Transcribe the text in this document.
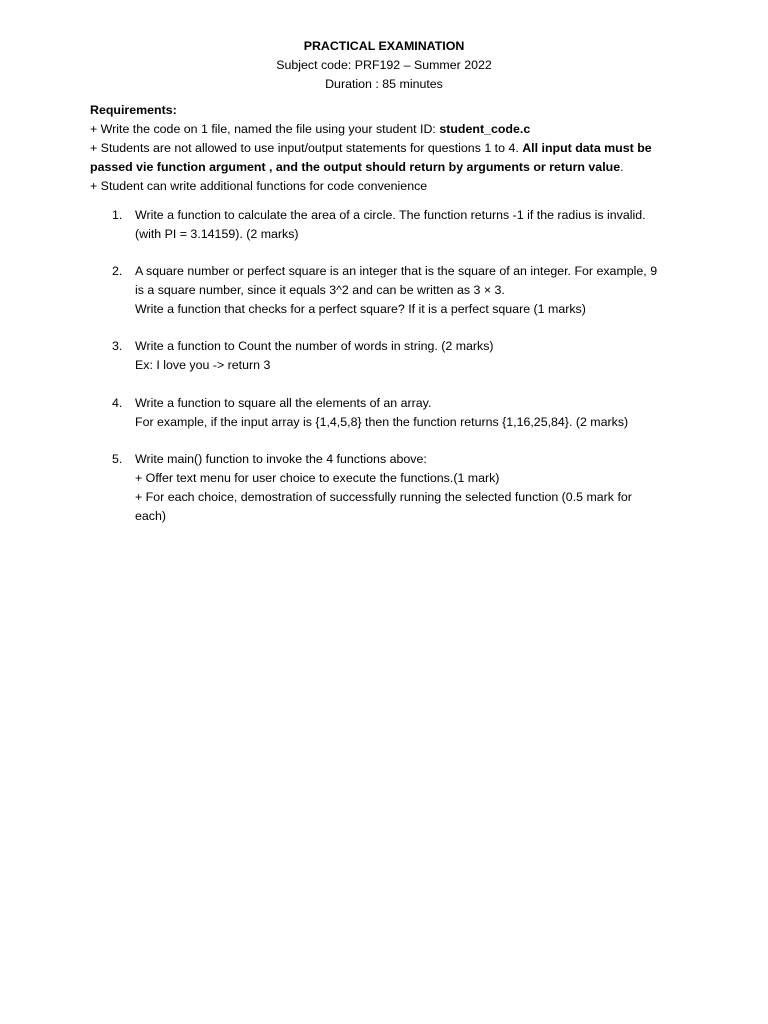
PRACTICAL EXAMINATION
Subject code: PRF192 – Summer 2022
Duration : 85 minutes
Requirements:
+ Write the code on 1 file, named the file using your student ID: student_code.c
+ Students are not allowed to use input/output statements for questions 1 to 4. All input data must be
passed vie function argument , and the output should return by arguments or return value.
+ Student can write additional functions for code convenience
1. Write a function to calculate the area of a circle. The function returns -1 if the radius is invalid.
(with PI = 3.14159). (2 marks)
2. A square number or perfect square is an integer that is the square of an integer. For example, 9
is a square number, since it equals 3^2 and can be written as 3 × 3.
Write a function that checks for a perfect square? If it is a perfect square (1 marks)
3. Write a function to Count the number of words in string. (2 marks)
Ex: I love you -> return 3
4. Write a function to square all the elements of an array.
For example, if the input array is {1,4,5,8} then the function returns {1,16,25,84}. (2 marks)
5. Write main() function to invoke the 4 functions above:
+ Offer text menu for user choice to execute the functions.(1 mark)
+ For each choice, demostration of successfully running the selected function (0.5 mark for
each)
